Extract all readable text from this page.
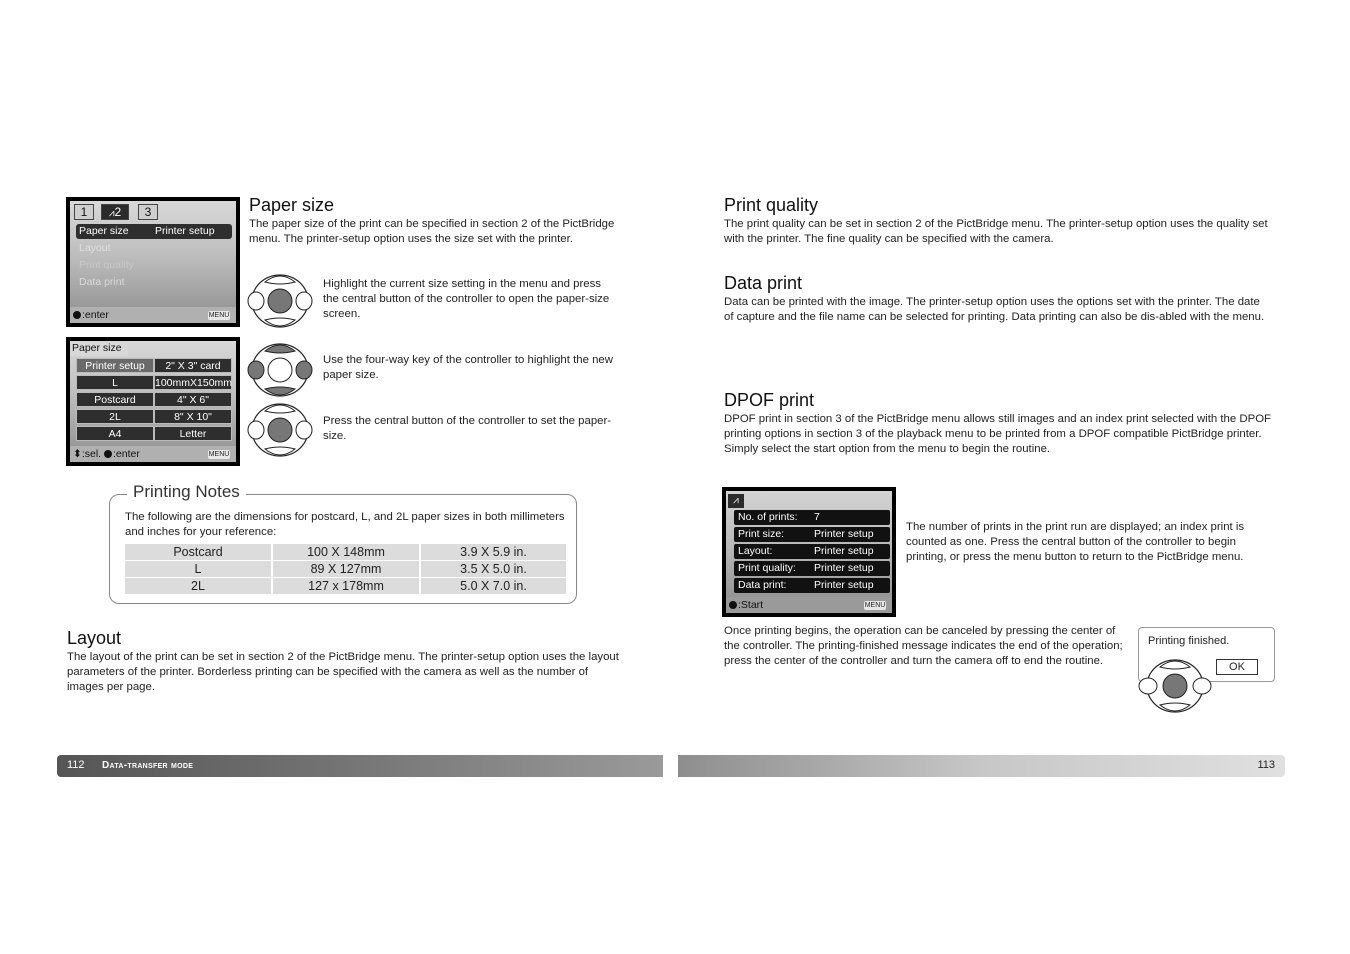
1	⩘2	3
Paper size	Printer setup
Layout
Print quality
Data print
:enter	MENU
Paper size
Printer setup	2" X 3" card
L	100mmX150mm
Postcard	4" X 6"
2L	8" X 10"
A4	Letter
⬍:sel. :enter	MENU
Paper size

The paper size of the print can be specified in section 2 of the PictBridge menu. The printer-setup option uses the size set with the printer.

Highlight the current size setting in the menu and press the central button of the controller to open the paper-size screen.

Use the four-way key of the controller to highlight the new paper size.

Press the central button of the controller to set the paper-size.

Printing Notes

The following are the dimensions for postcard, L, and 2L paper sizes in both millimeters and inches for your reference:

Postcard	100 X 148mm	3.9 X 5.9 in.
L	89 X 127mm	3.5 X 5.0 in.
2L	127 x 178mm	5.0 X 7.0 in.
Layout

The layout of the print can be set in section 2 of the PictBridge menu. The printer-setup option uses the layout parameters of the printer. Borderless printing can be specified with the camera as well as the number of images per page.

112 Data-transfer mode
Print quality

The print quality can be set in section 2 of the PictBridge menu. The printer-setup option uses the quality set with the printer. The fine quality can be specified with the camera.

Data print

Data can be printed with the image. The printer-setup option uses the options set with the printer. The date of capture and the file name can be selected for printing. Data printing can also be dis-abled with the menu.

DPOF print

DPOF print in section 3 of the PictBridge menu allows still images and an index print selected with the DPOF printing options in section 3 of the playback menu to be printed from a DPOF compatible PictBridge printer. Simply select the start option from the menu to begin the routine.

⩘
No. of prints: 7
Print size:	Printer setup
Layout:	Printer setup
Print quality: Printer setup
Data print:	Printer setup
:Start	MENU

The number of prints in the print run are displayed; an index print is counted as one. Press the central button of the controller to begin printing, or press the menu button to return to the PictBridge menu.

Once printing begins, the operation can be canceled by pressing the center of the controller. The printing-finished message indicates the end of the operation; press the center of the controller and turn the camera off to end the routine.

Printing finished.
OK
113
